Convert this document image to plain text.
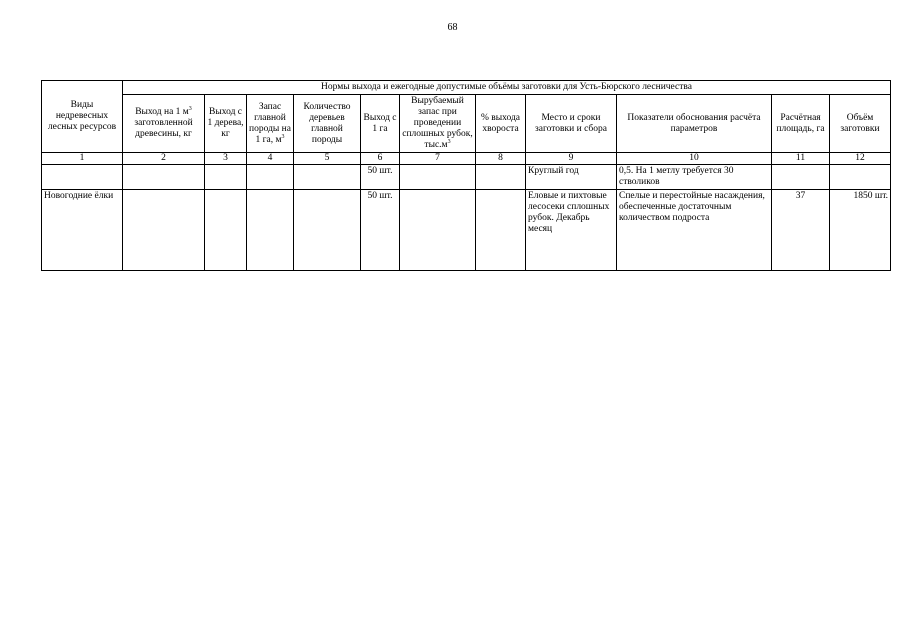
68
Виды недревесных лесных ресурсов	Нормы выхода и ежегодные допустимые объёмы заготовки для Усть-Бюрского лесничества										
	Выход на 1 $м^3$ заготовленной древесины, кг	Выход с 1 дерева, кг	Запас главной породы на 1 га, $м^3$	Количество деревьев главной породы	Выход с 1 га	Вырубаемый запас при проведении сплошных рубок, $тыс.м^3$	% выхода хвороста	Место и сроки заготовки и сбора	Показатели обоснования расчёта параметров	Расчётная площадь, га	Объём заготовки
1	2	3	4	5	6	7	8	9	10	11	12
					50 шт.			Круглый год	0,5. На 1 метлу требуется 30 стволиков		
Новогодние ёлки					50 шт.			Еловые и пихтовые лесосеки сплошных рубок. Декабрь месяц	Спелые и перестойные насаждения, обеспеченные достаточным количеством подроста	37	1850 шт.
